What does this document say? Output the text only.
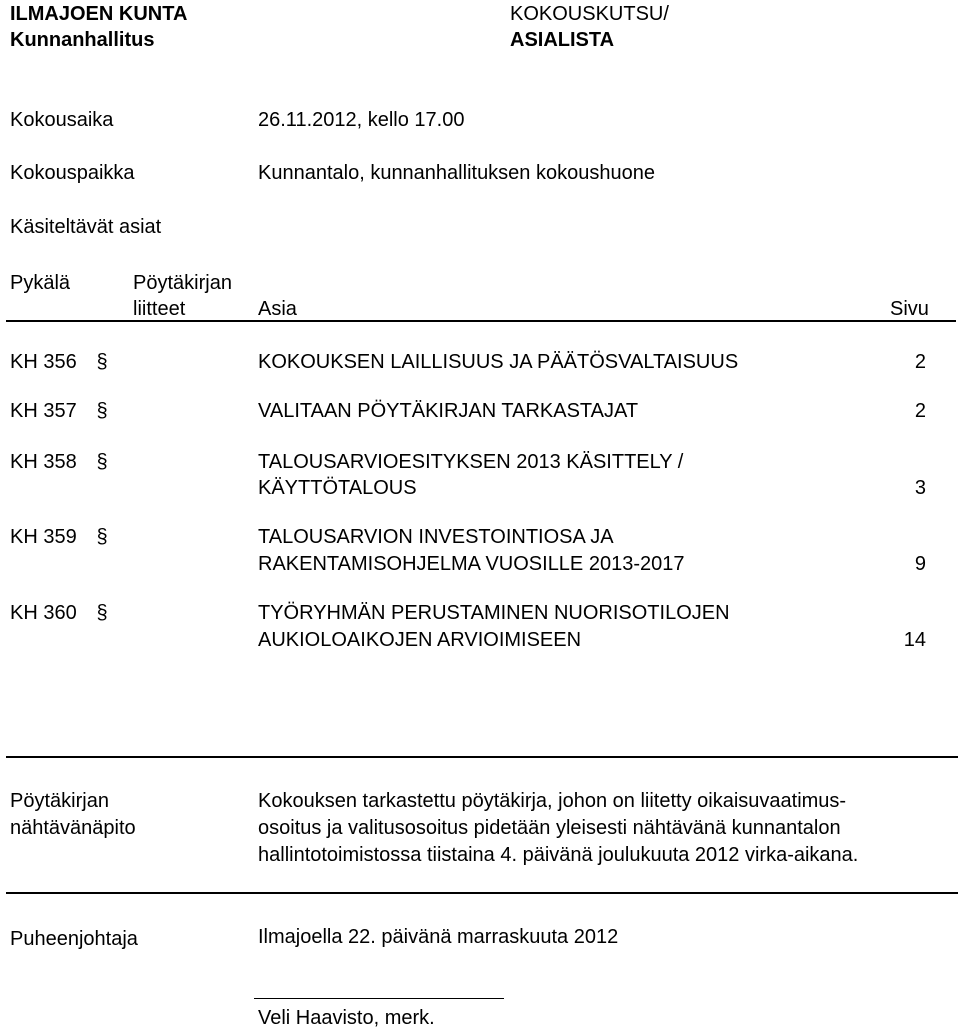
ILMAJOEN KUNTA
Kunnanhallitus
KOKOUSKUTSU/
ASIALISTA
Kokousaika	26.11.2012, kello 17.00
Kokouspaikka	Kunnantalo, kunnanhallituksen kokoushuone
Käsiteltävät asiat
Pykälä	Pöytäkirjan
liitteet	Asia	Sivu
KH 356 §	KOKOUKSEN LAILLISUUS JA PÄÄTÖSVALTAISUUS	2
KH 357 §	VALITAAN PÖYTÄKIRJAN TARKASTAJAT	2
KH 358 §	TALOUSARVIOESITYKSEN 2013 KÄSITTELY /
KÄYTTÖTALOUS	3
KH 359 §	TALOUSARVION INVESTOINTIOSA JA
RAKENTAMISOHJELMA VUOSILLE 2013-2017	9
KH 360 §	TYÖRYHMÄN PERUSTAMINEN NUORISOTILOJEN
AUKIOLOAIKOJEN ARVIOIMISEEN	14
Pöytäkirjan
nähtävänäpito
Kokouksen tarkastettu pöytäkirja, johon on liitetty oikaisuvaatimus-
osoitus ja valitusosoitus pidetään yleisesti nähtävänä kunnantalon
hallintotoimistossa tiistaina 4. päivänä joulukuuta 2012 virka-aikana.
Puheenjohtaja	Ilmajoella 22. päivänä marraskuuta 2012
Veli Haavisto, merk.
